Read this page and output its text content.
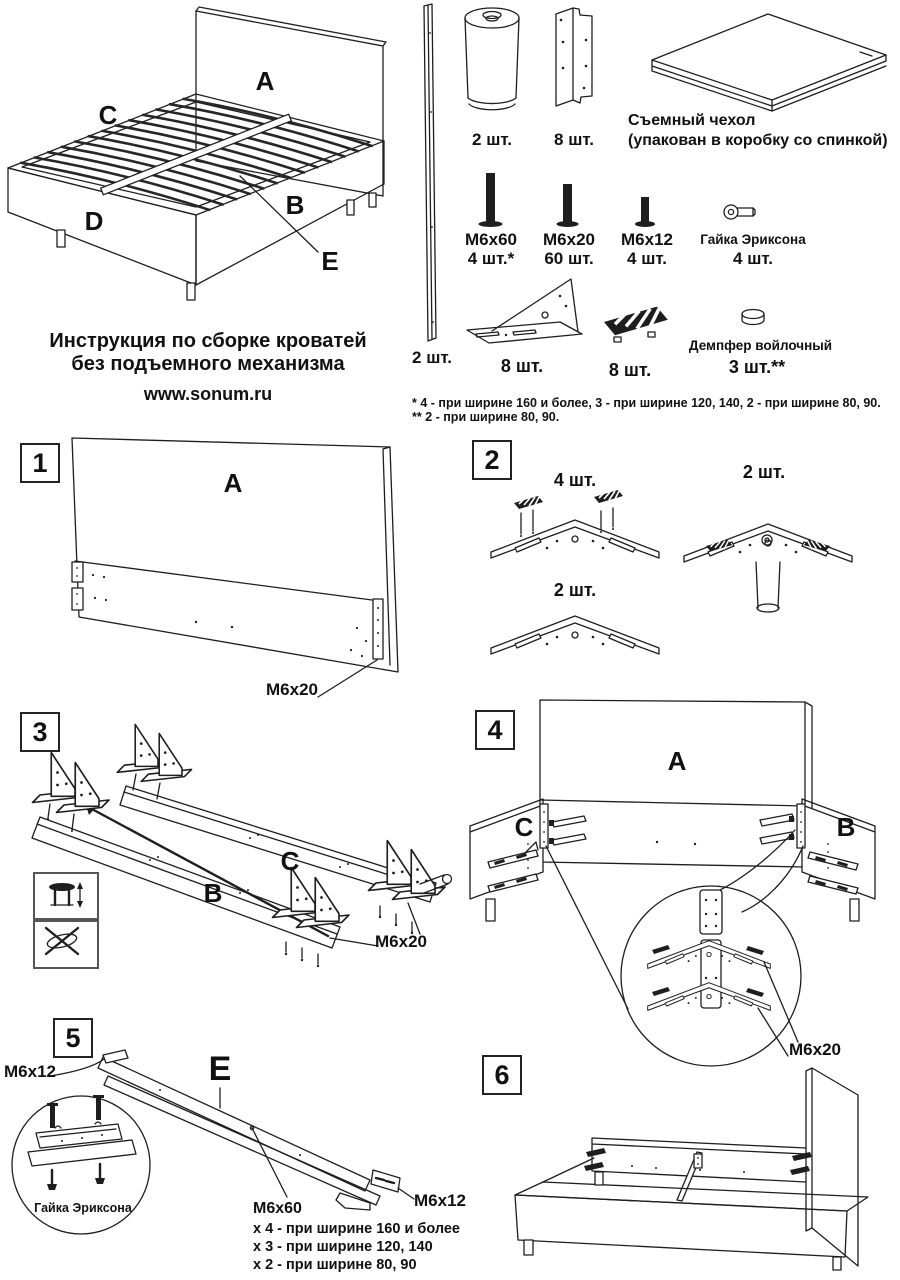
A
C
D
B
E
Инструкция по сборке кроватей
без подъемного механизма
www.sonum.ru
2 шт.
2 шт.	8 шт.
Съемный чехол
(упакован в коробку со спинкой)
M6x60
4 шт.*
M6x20
60 шт.
M6x12
4 шт.
Гайка Эриксона
4 шт.
8 шт.	8 шт.
Демпфер войлочный
3 шт.**
* 4 - при ширине 160 и более, 3 - при ширине 120, 140, 2 - при ширине 80, 90.
** 2 - при ширине 80, 90.
1	2
3	4
5
6
A
M6x20
4 шт.
2 шт.
2 шт.
B
C
M6x20
A
C	B
M6x20
E
M6x12
M6x12
Гайка Эриксона	M6x60
x 4 - при ширине 160 и более
x 3 - при ширине 120, 140
x 2 - при ширине 80, 90
